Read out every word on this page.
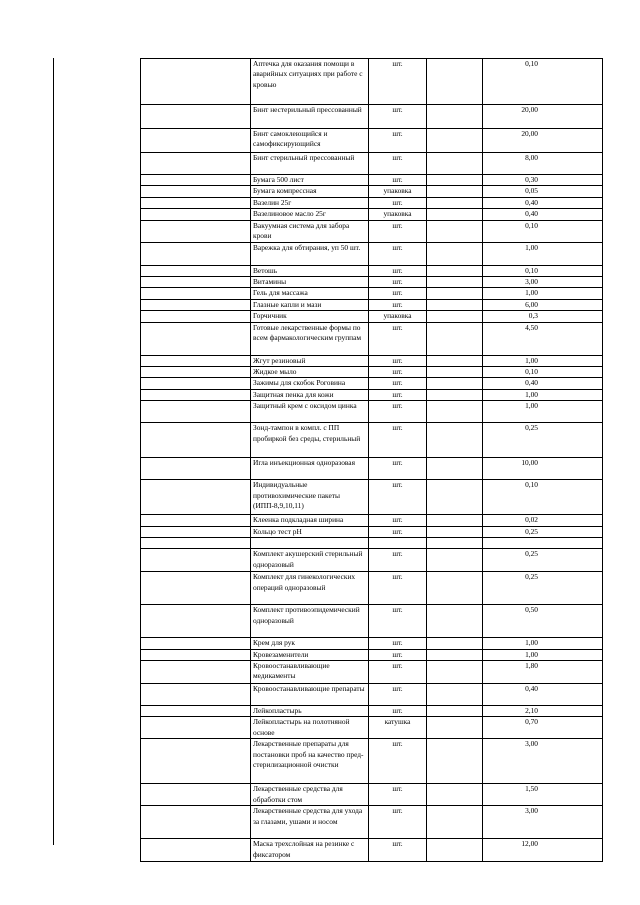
	Аптечка для оказания помощи в аварийных ситуациях при работе с кровью	шт.		0,10
	Бинт нестерильный прессованный	шт.		20,00
	Бинт самоклеющийся и самофиксирующийся	шт.		20,00
	Бинт стерильный прессованный	шт.		8,00
	Бумага 500 лист	шт.		0,30
	Бумага компрессная	упаковка		0,05
	Вазелин 25г	шт.		0,40
	Вазелиновое масло 25г	упаковка		0,40
	Вакуумная система для забора крови	шт.		0,10
	Варежка для обтирания, уп 50 шт.	шт.		1,00
	Ветошь	шт.		0,10
	Витамины	шт.		3,00
	Гель для массажа	шт.		1,00
	Глазные капли и мази	шт.		6,00
	Горчичник	упаковка		0,3
	Готовые лекарственные формы по всем фармакологическим группам	шт.		4,50
	Жгут резиновый	шт.		1,00
	Жидкое мыло	шт.		0,10
	Зажимы для скобок Роговина	шт.		0,40
	Защитная пенка для кожи	шт.		1,00
	Защитный крем с оксидом цинка	шт.		1,00
	Зонд-тампон в компл. с ПП пробиркой без среды, стерильный	шт.		0,25
	Игла инъекционная одноразовая	шт.		10,00
	Индивидуальные противохимические пакеты (ИПП-8,9,10,11)	шт.		0,10
	Клеенка подкладная ширина	шт.		0,02
	Кольцо тест рН	шт.		0,25

	Комплект акушерский стерильный одноразовый	шт.		0,25
	Комплект для гинекологических операций одноразовый	шт.		0,25
	Комплект противоэпидемический одноразовый	шт.		0,50
	Крем для рук	шт.		1,00
	Кровезаменители	шт.		1,00
	Кровоостанавливающие медикаменты	шт.		1,80
	Кровоостанавливающие препараты	шт.		0,40
	Лейкопластырь	шт.		2,10
	Лейкопластырь на полотняной основе	катушка		0,70
	Лекарственные препараты для постановки проб на качество пред-стерилизационной очистки	шт.		3,00
	Лекарственные средства для обработки стом	шт.		1,50
	Лекарственные средства для ухода за глазами, ушами и носом	шт.		3,00
	Маска трехслойная на резинке с фиксатором	шт.		12,00
